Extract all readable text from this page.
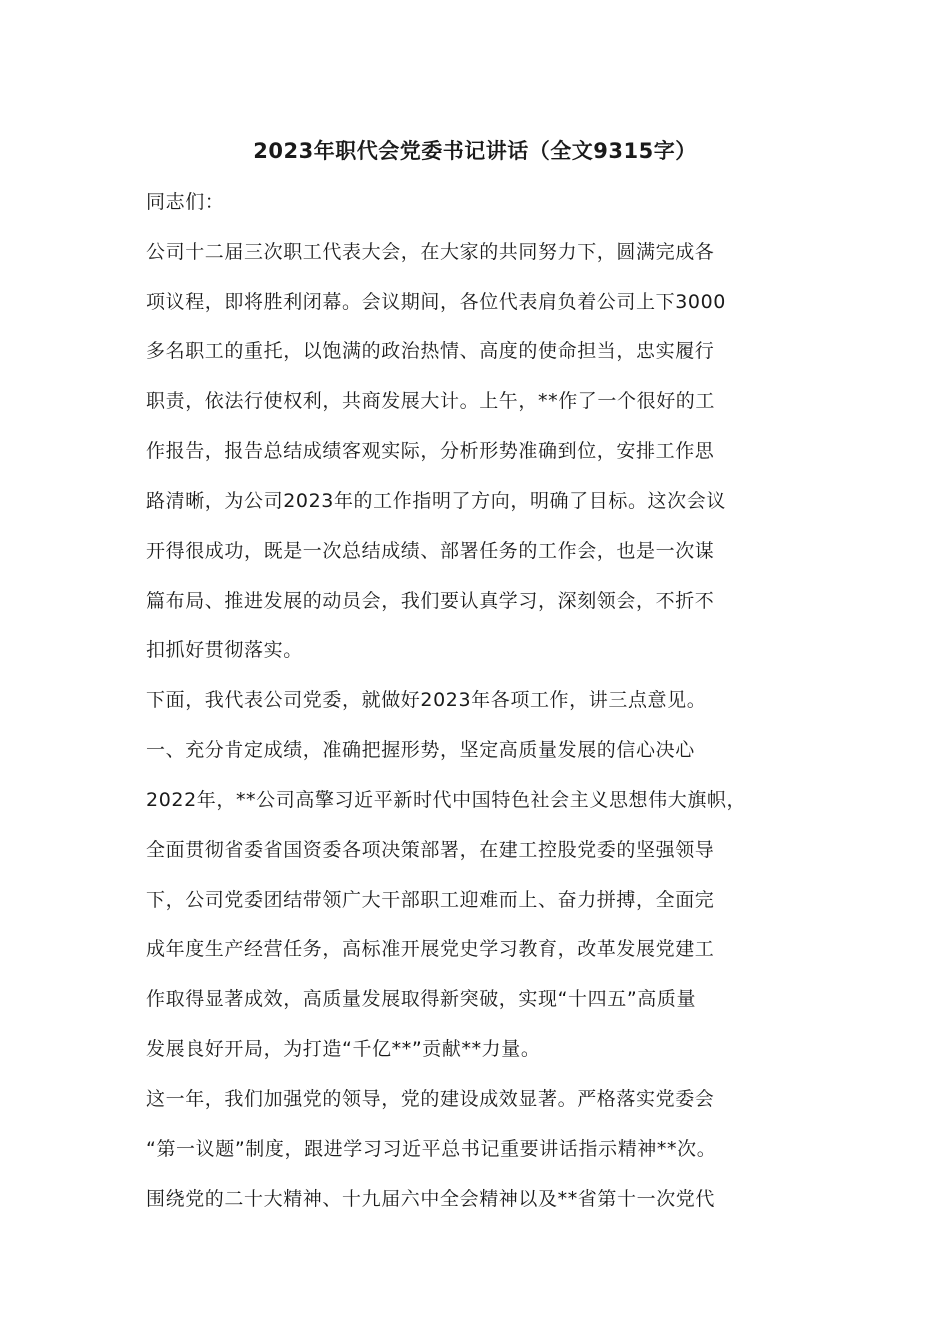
2023年职代会党委书记讲话（全文9315字）
同志们：
公司十二届三次职工代表大会，在大家的共同努力下，圆满完成各
项议程，即将胜利闭幕。会议期间，各位代表肩负着公司上下3000
多名职工的重托，以饱满的政治热情、高度的使命担当，忠实履行
职责，依法行使权利，共商发展大计。上午，**作了一个很好的工
作报告，报告总结成绩客观实际，分析形势准确到位，安排工作思
路清晰，为公司2023年的工作指明了方向，明确了目标。这次会议
开得很成功，既是一次总结成绩、部署任务的工作会，也是一次谋
篇布局、推进发展的动员会，我们要认真学习，深刻领会，不折不
扣抓好贯彻落实。
下面，我代表公司党委，就做好2023年各项工作，讲三点意见。
一、充分肯定成绩，准确把握形势，坚定高质量发展的信心决心
2022年，**公司高擎习近平新时代中国特色社会主义思想伟大旗帜，
全面贯彻省委省国资委各项决策部署，在建工控股党委的坚强领导
下，公司党委团结带领广大干部职工迎难而上、奋力拼搏，全面完
成年度生产经营任务，高标准开展党史学习教育，改革发展党建工
作取得显著成效，高质量发展取得新突破，实现“十四五”高质量
发展良好开局，为打造“千亿**”贡献**力量。
这一年，我们加强党的领导，党的建设成效显著。严格落实党委会
“第一议题”制度，跟进学习习近平总书记重要讲话指示精神**次。
围绕党的二十大精神、十九届六中全会精神以及**省第十一次党代
